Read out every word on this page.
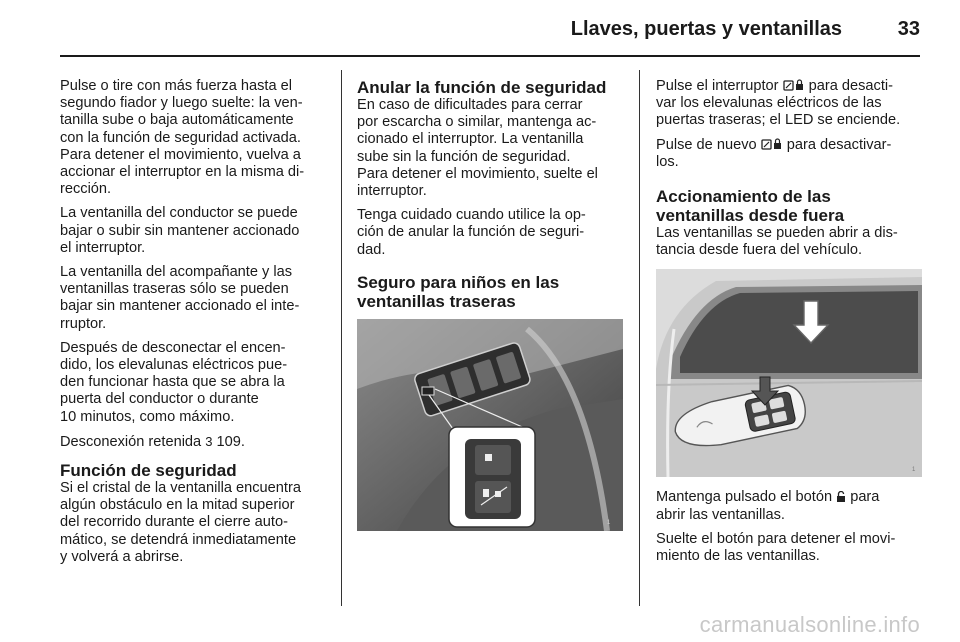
Llaves, puertas y ventanillas	33

Pulse o tire con más fuerza hasta el
segundo fiador y luego suelte: la ven-
tanilla sube o baja automáticamente
con la función de seguridad activada.
Para detener el movimiento, vuelva a
accionar el interruptor en la misma di-
rección.

La ventanilla del conductor se puede
bajar o subir sin mantener accionado
el interruptor.

La ventanilla del acompañante y las
ventanillas traseras sólo se pueden
bajar sin mantener accionado el inte-
rruptor.

Después de desconectar el encen-
dido, los elevalunas eléctricos pue-
den funcionar hasta que se abra la
puerta del conductor o durante
10 minutos, como máximo.

Desconexión retenida 3 109.

Función de seguridad

Si el cristal de la ventanilla encuentra
algún obstáculo en la mitad superior
del recorrido durante el cierre auto-
mático, se detendrá inmediatamente
y volverá a abrirse.

Anular la función de seguridad

En caso de dificultades para cerrar
por escarcha o similar, mantenga ac-
cionado el interruptor. La ventanilla
sube sin la función de seguridad.
Para detener el movimiento, suelte el
interruptor.

Tenga cuidado cuando utilice la op-
ción de anular la función de seguri-
dad.

Seguro para niños en las
ventanillas traseras
1

Pulse el interruptor para desacti-
var los elevalunas eléctricos de las
puertas traseras; el LED se enciende.

Pulse de nuevo para desactivar-
los.

Accionamiento de las
ventanillas desde fuera

Las ventanillas se pueden abrir a dis-
tancia desde fuera del vehículo.

1

Mantenga pulsado el botón para
abrir las ventanillas.

Suelte el botón para detener el movi-
miento de las ventanillas.

carmanualsonline.info
